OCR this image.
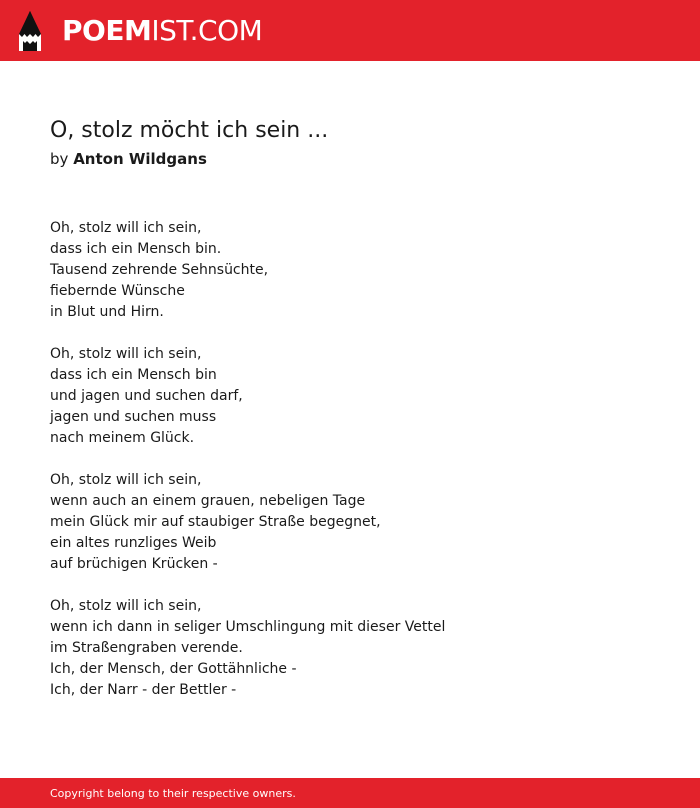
POEMIST.COM
O, stolz möcht ich sein ...
by Anton Wildgans
Oh, stolz will ich sein,
dass ich ein Mensch bin.
Tausend zehrende Sehnsüchte,
fiebernde Wünsche
in Blut und Hirn.
Oh, stolz will ich sein,
dass ich ein Mensch bin
und jagen und suchen darf,
jagen und suchen muss
nach meinem Glück.
Oh, stolz will ich sein,
wenn auch an einem grauen, nebeligen Tage
mein Glück mir auf staubiger Straße begegnet,
ein altes runzliges Weib
auf brüchigen Krücken -
Oh, stolz will ich sein,
wenn ich dann in seliger Umschlingung mit dieser Vettel
im Straßengraben verende.
Ich, der Mensch, der Gottähnliche -
Ich, der Narr - der Bettler -
Copyright belong to their respective owners.
